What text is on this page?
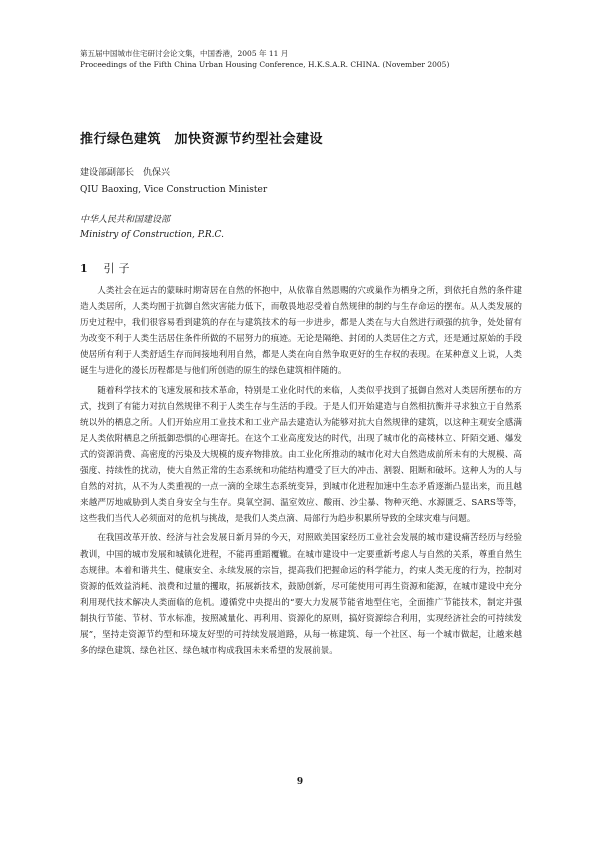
第五届中国城市住宅研讨会论文集，中国香港，2005 年 11 月
Proceedings of the Fifth China Urban Housing Conference, H.K.S.A.R. CHINA. (November 2005)
推行绿色建筑　加快资源节约型社会建设
建设部副部长　仇保兴
QIU Baoxing, Vice Construction Minister
中华人民共和国建设部
Ministry of Construction, P.R.C.
1 引子

人类社会在远古的蒙昧时期寄居在自然的怀抱中，从依靠自然恩赐的穴或巢作为栖身之所，到依托自然的条件建造人类居所，人类均囿于抗御自然灾害能力低下，而敬畏地忍受着自然规律的制约与生存命运的摆布。从人类发展的历史过程中，我们很容易看到建筑的存在与建筑技术的每一步进步，都是人类在与大自然进行顽强的抗争，处处留有为改变不利于人类生活居住条件所做的不屈努力的痕迹。无论是隔绝、封闭的人类居住之方式，还是通过原始的手段使居所有利于人类舒适生存而间接地利用自然，都是人类在向自然争取更好的生存权的表现。在某种意义上说，人类诞生与进化的漫长历程都是与他们所创造的原生的绿色建筑相伴随的。

随着科学技术的飞速发展和技术革命，特别是工业化时代的来临，人类似乎找到了抵御自然对人类居所摆布的方式，找到了有能力对抗自然规律不利于人类生存与生活的手段。于是人们开始建造与自然相抗衡并寻求独立于自然系统以外的栖息之所。人们开始应用工业技术和工业产品去建造认为能够对抗大自然规律的建筑，以这种主观安全感满足人类依附栖息之所抵御恐惧的心理寄托。在这个工业高度发达的时代，出现了城市化的高楼林立、阡陌交通、爆发式的资源消费、高密度的污染及大规模的废弃物排放。由工业化所推动的城市化对大自然造成前所未有的大规模、高强度、持续性的扰动，使大自然正常的生态系统和功能结构遭受了巨大的冲击、割裂、阻断和破坏。这种人为的人与自然的对抗，从不为人类重视的一点一滴的全球生态系统变异，到城市化进程加速中生态矛盾逐渐凸显出来，而且越来越严厉地威胁到人类自身安全与生存。臭氧空洞、温室效应、酸雨、沙尘暴、物种灭绝、水源匮乏、SARS等等，这些我们当代人必须面对的危机与挑战，是我们人类点滴、局部行为趋步积累所导致的全球灾难与问题。

在我国改革开放、经济与社会发展日新月异的今天，对照欧美国家经历工业社会发展的城市建设痛苦经历与经验教训，中国的城市发展和城镇化进程，不能再重蹈覆辙。在城市建设中一定要重新考虑人与自然的关系，尊重自然生态规律。本着和谐共生、健康安全、永续发展的宗旨，提高我们把握命运的科学能力，约束人类无度的行为，控制对资源的低效益消耗、浪费和过量的攫取，拓展新技术，鼓励创新，尽可能使用可再生资源和能源，在城市建设中充分利用现代技术解决人类面临的危机。遵循党中央提出的“要大力发展节能省地型住宅，全面推广节能技术，制定并强制执行节能、节材、节水标准，按照减量化、再利用、资源化的原则，搞好资源综合利用，实现经济社会的可持续发展”，坚持走资源节约型和环境友好型的可持续发展道路，从每一栋建筑、每一个社区、每一个城市做起，让越来越多的绿色建筑、绿色社区、绿色城市构成我国未来希望的发展前景。

9
